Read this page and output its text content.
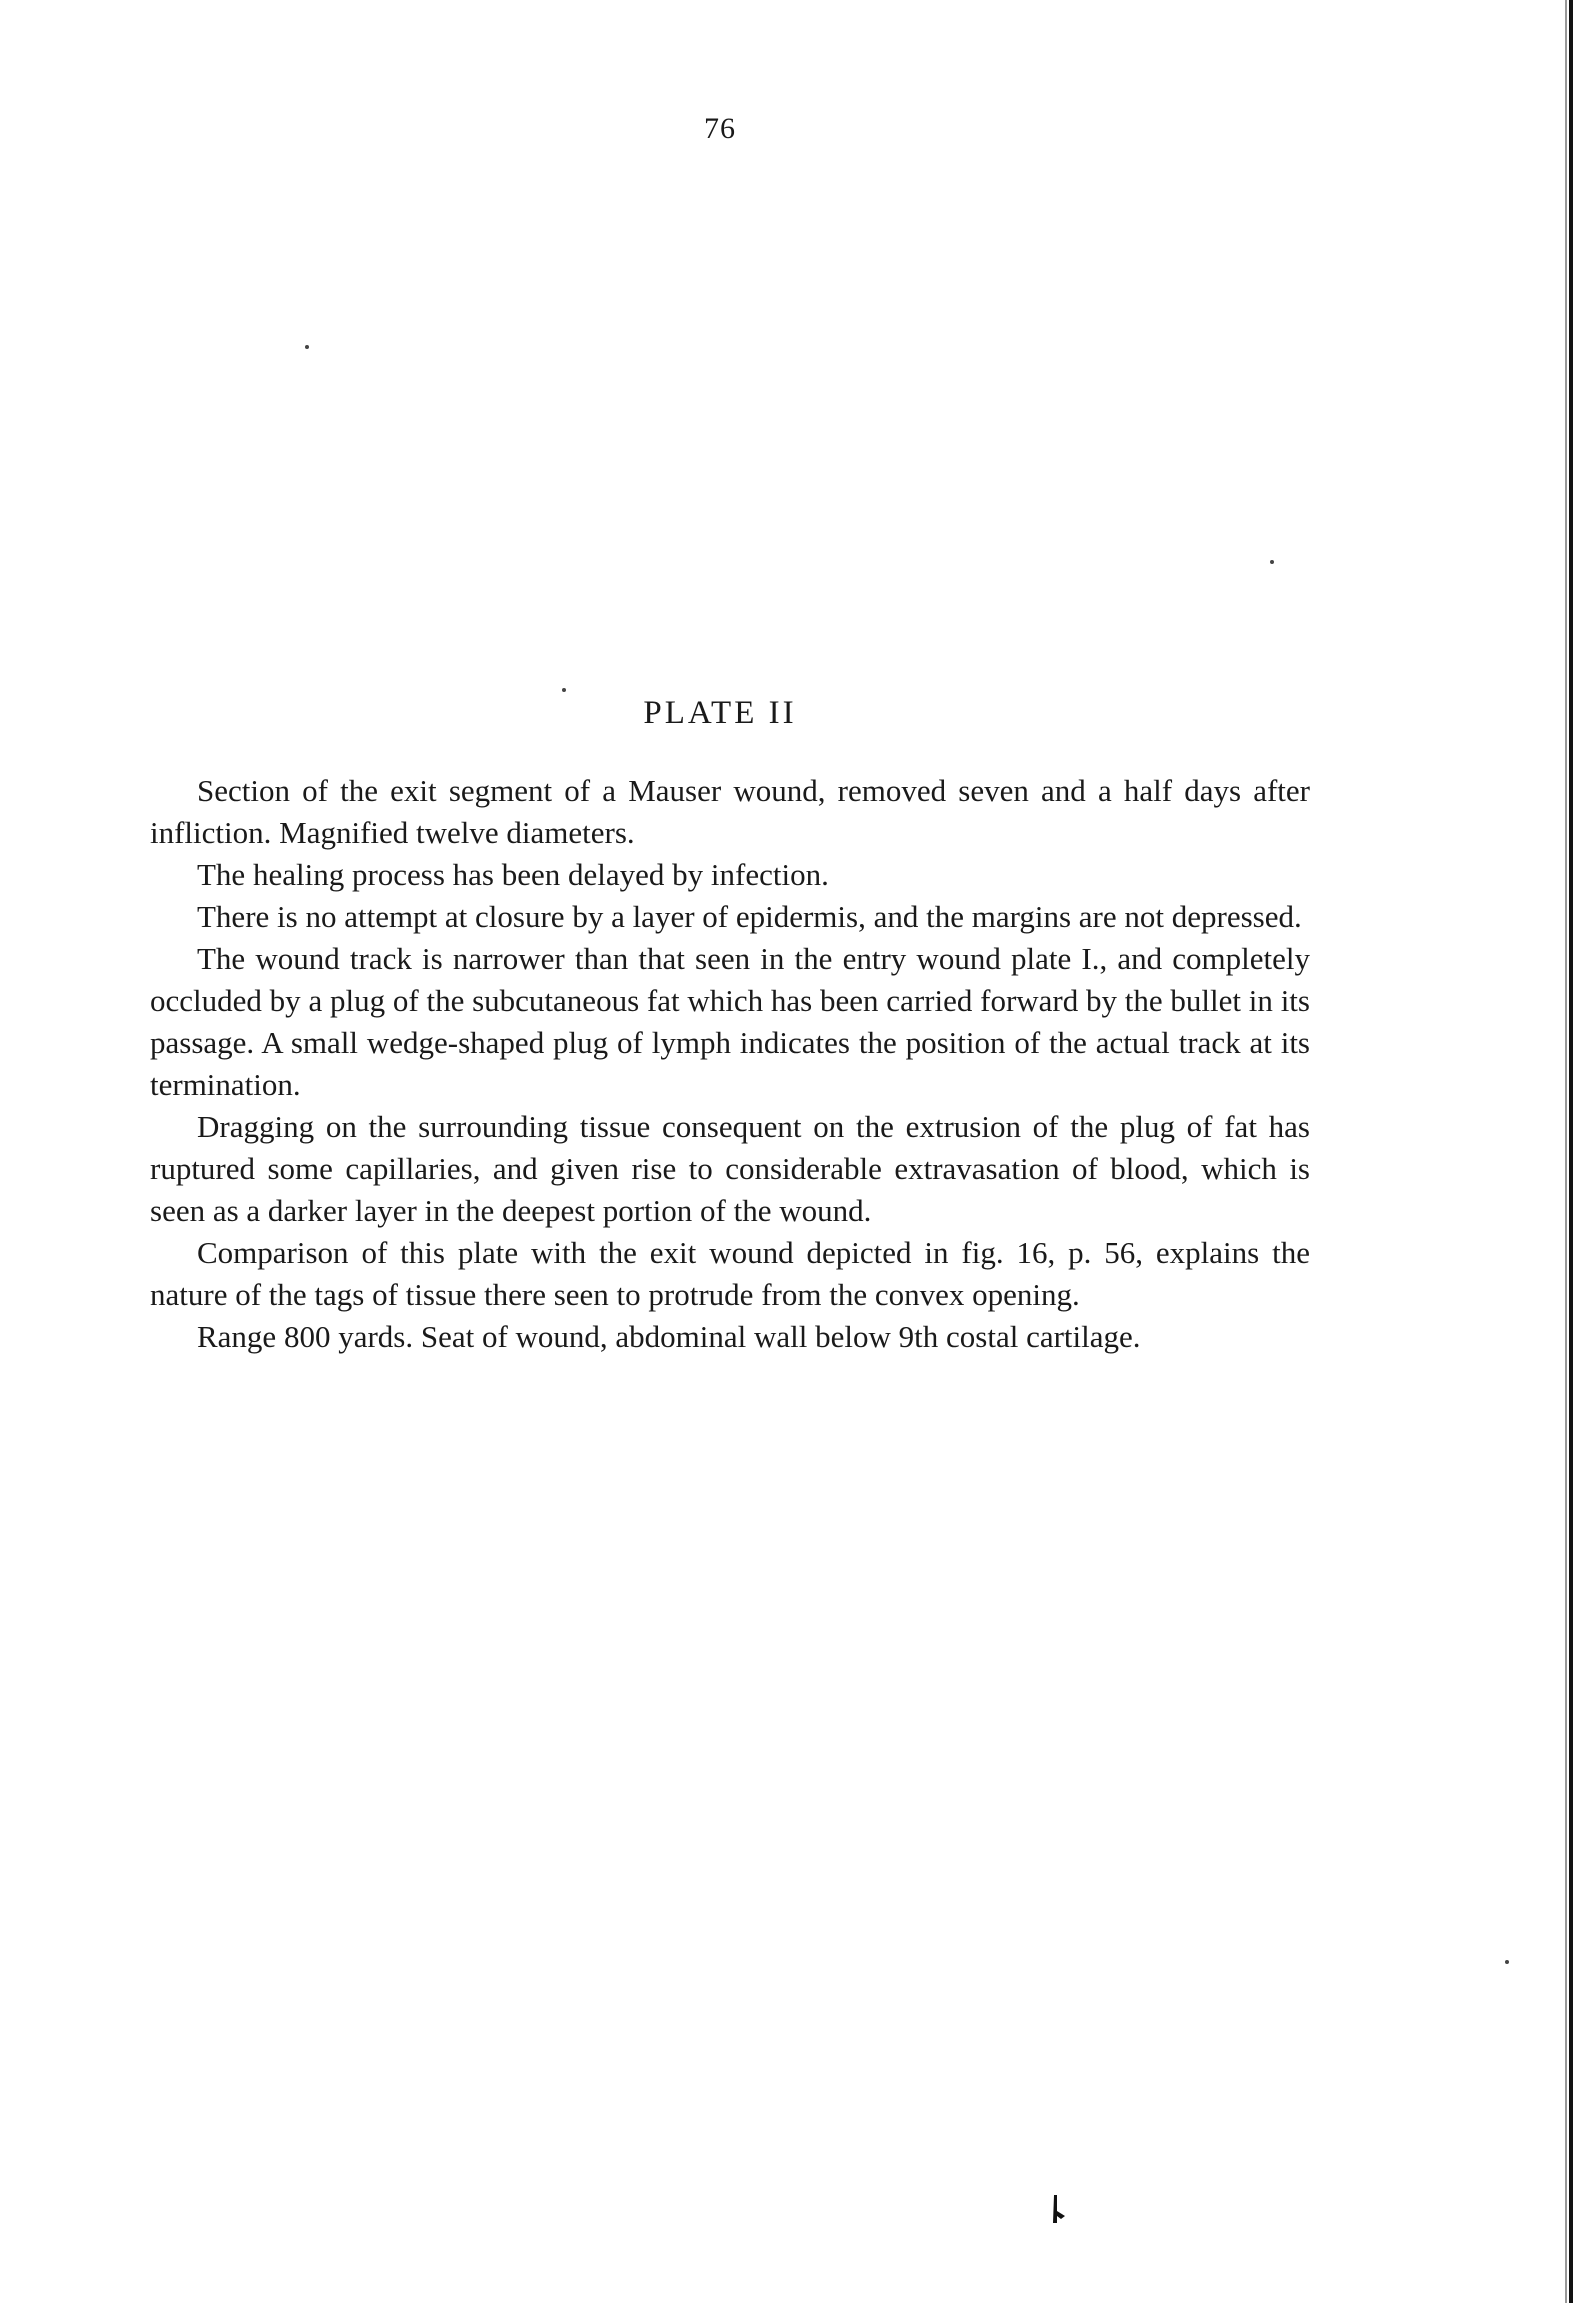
76
PLATE II

Section of the exit segment of a Mauser wound, removed seven and a half days after infliction. Magnified twelve diameters.

The healing process has been delayed by infection.

There is no attempt at closure by a layer of epidermis, and the margins are not depressed.

The wound track is narrower than that seen in the entry wound plate I., and completely occluded by a plug of the subcutaneous fat which has been carried forward by the bullet in its passage. A small wedge-shaped plug of lymph indicates the position of the actual track at its termination.

Dragging on the surrounding tissue consequent on the extrusion of the plug of fat has ruptured some capillaries, and given rise to considerable extravasation of blood, which is seen as a darker layer in the deepest portion of the wound.

Comparison of this plate with the exit wound depicted in fig. 16, p. 56, explains the nature of the tags of tissue there seen to protrude from the convex opening.

Range 800 yards. Seat of wound, abdominal wall below 9th costal cartilage.
